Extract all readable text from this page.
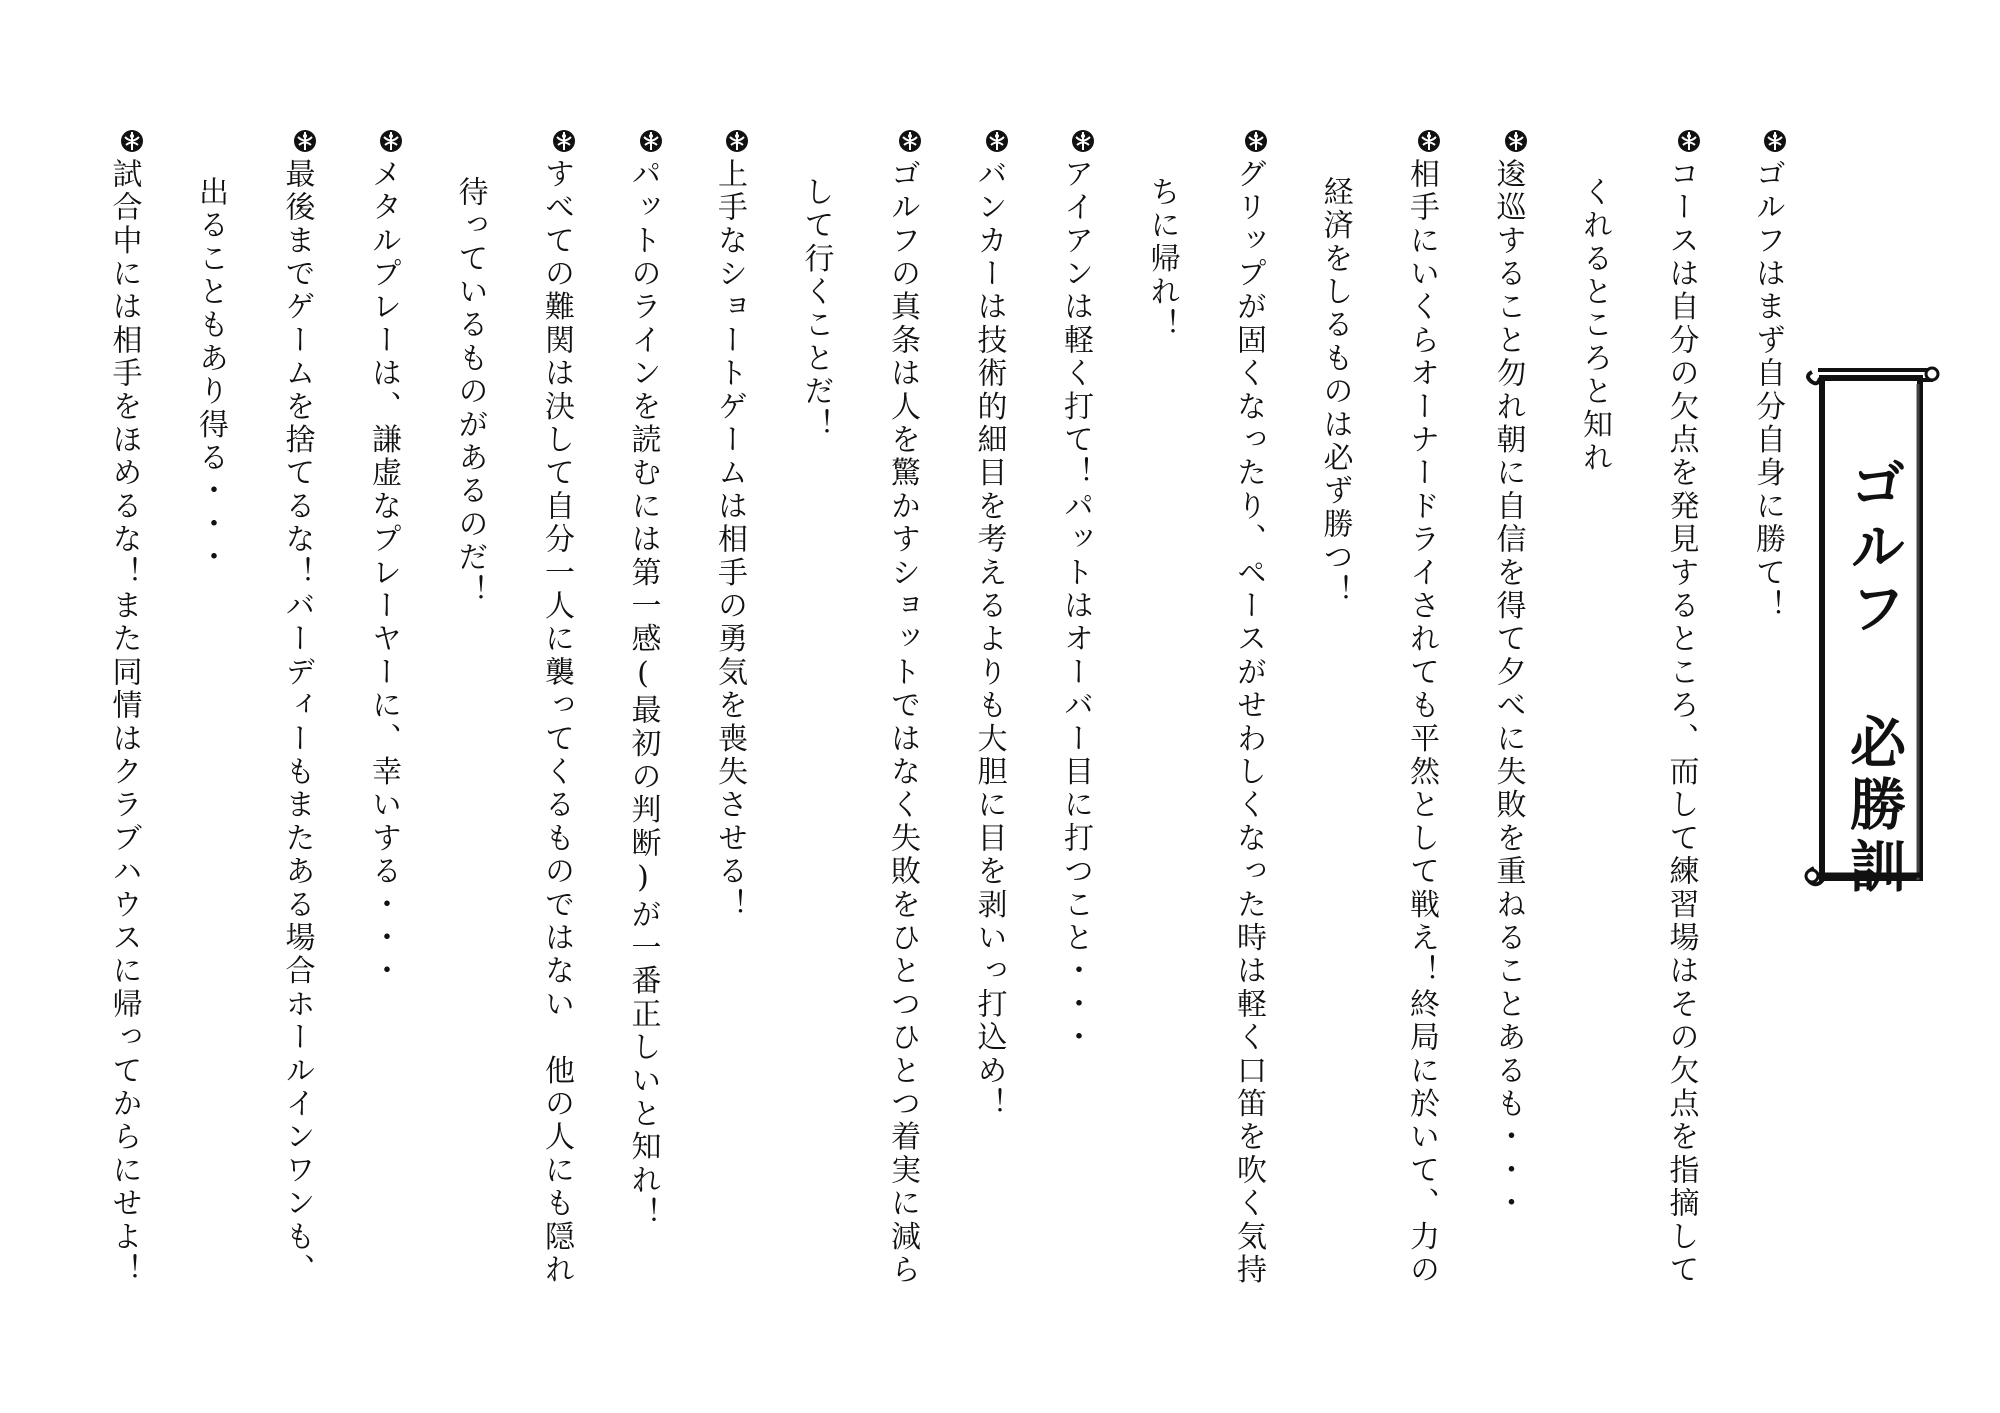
ゴルフ 必勝訓
ゴルフはまず自分自身に勝て！
コースは自分の欠点を発見するところ、而して練習場はその欠点を指摘して
くれるところと知れ
逡巡すること勿れ朝に自信を得て夕べに失敗を重ねることあるも・・・
相手にいくらオーナードライされても平然として戦え！終局に於いて、力の
経済をしるものは必ず勝つ！
グリップが固くなったり、ペースがせわしくなった時は軽く口笛を吹く気持
ちに帰れ！
アイアンは軽く打て！パットはオーバー目に打つこと・・・
バンカーは技術的細目を考えるよりも大胆に目を剥いっ打込め！
ゴルフの真条は人を驚かすショットではなく失敗をひとつひとつ着実に減ら
して行くことだ！
上手なショートゲームは相手の勇気を喪失させる！
パットのラインを読むには第一感(最初の判断)が一番正しいと知れ！
すべての難関は決して自分一人に襲ってくるものではない　他の人にも隠れ
待っているものがあるのだ！
メタルプレーは、謙虚なプレーヤーに、幸いする・・・
最後までゲームを捨てるな！バーディーもまたある場合ホールインワンも、
出ることもあり得る・・・
試合中には相手をほめるな！また同情はクラブハウスに帰ってからにせよ！
